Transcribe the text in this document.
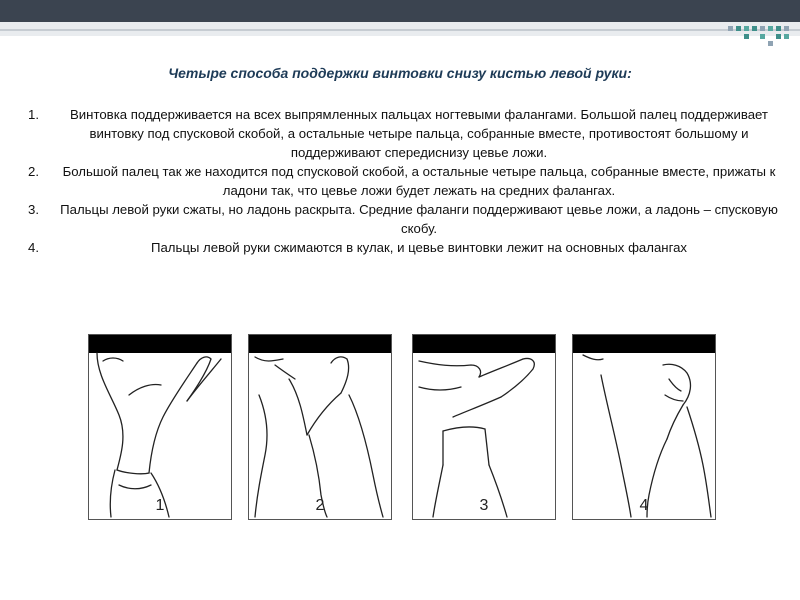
Четыре способа поддержки винтовки снизу кистью левой руки:

1. Винтовка поддерживается на всех выпрямленных пальцах ногтевыми фалангами. Большой палец поддерживает винтовку под спусковой скобой, а остальные четыре пальца, собранные вместе, противостоят большому и поддерживают спередиснизу цевье ложи.
2. Большой палец так же находится под спусковой скобой, а остальные четыре пальца, собранные вместе, прижаты к ладони так, что цевье ложи будет лежать на средних фалангах.
3. Пальцы левой руки сжаты, но ладонь раскрыта. Средние фаланги поддерживают цевье ложи, а ладонь – спусковую скобу.
4.	Пальцы левой руки сжимаются в кулак, и цевье винтовки лежит на основных фалангах
1	2	3	4
